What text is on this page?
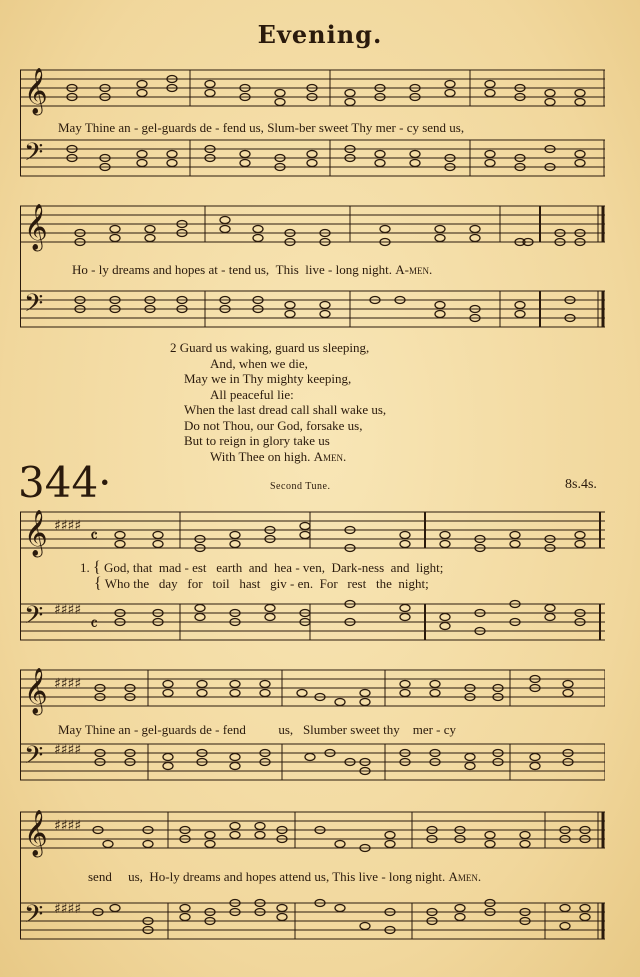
Evening.
𝄞
𝄢
May Thine an - gel-guards de - fend us, Slum-ber sweet Thy mer - cy send us,
𝄞
𝄢
Ho - ly dreams and hopes at - tend us, This live - long night. A-men.
2 Guard us waking, guard us sleeping,
And, when we die,
May we in Thy mighty keeping,
All peaceful lie:
When the last dread call shall wake us,
Do not Thou, our God, forsake us,
But to reign in glory take us
With Thee on high. Amen.
344·	Second Tune.	8s.4s.
𝄞 ♯♯♯♯ 𝄴
𝄢 ♯♯♯♯
𝄴
1. { God, that mad - est earth and hea - ven, Dark-ness and light;
{ Who the day for toil hast giv - en. For rest the night;
𝄞 ♯♯♯♯
𝄢 ♯♯♯♯
May Thine an - gel-guards de - fend	us, Slumber sweet thy mer - cy
𝄞 ♯♯♯♯
𝄢 ♯♯♯♯
send us, Ho-ly dreams and hopes attend us, This live - long night. Amen.
